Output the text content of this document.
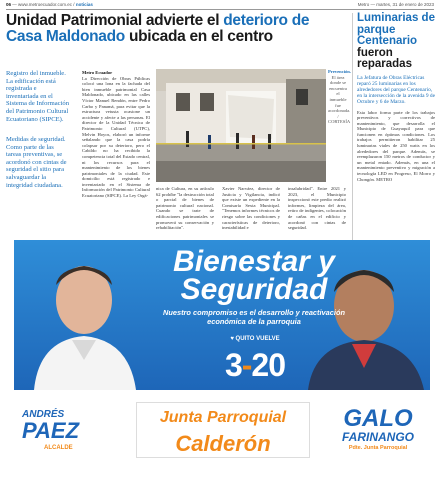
06 — www.metroecuador.com.ec / noticias	Metro — martes, 31 de enero de 2023
Unidad Patrimonial advierte el deterioro de Casa Maldonado ubicada en el centro
Registro del inmueble. La edificación está registrada e inventariada en el Sistema de Información del Patrimonio Cultural Ecuatoriano (SIPCE).
Medidas de seguridad. Como parte de las tareas preventivas, se acordonó con cintas de seguridad el sitio para salvaguardar la integridad ciudadana.
Metro Ecuador
La Dirección de Obras Públicas colocó una lona en la fachada del bien inmueble patrimonial Casa Maldonado, ubicado en las calles Víctor Manuel Rendón, entre Pedro Carbo y Panamá, para evitar que la estructura vetusta ocasione un accidente y afecte a las personas. El director de la Unidad Técnica de Patrimonio Cultural (UTPC), Melvin Hoyos, elaboró un informe señalando que la casa podría colapsar por su deterioro, pero el Cabildo no ha recibido la competencia total del Estado central, ni los recursos para el mantenimiento de los bienes patrimoniales de la ciudad. Este domicilio está registrado e inventariado en el Sistema de Información del Patrimonio Cultural Ecuatoriano (SIPCE). La Ley Orgá-
Prevención.
El área donde se encuentra el inmueble fue acordonada. / CORTESÍA
nica de Cultura, en su artículo 62 prohíbe "la destrucción total o parcial de bienes de patrimonio cultural nacional. Cuando se trate de edificaciones patrimoniales se promoverá su conservación y rehabilitación".
Xavier Narváez, director de Justicia y Vigilancia, indicó que existe un expediente en la Comisaría Sexta Municipal. "Tenemos informes técnicos de riesgo sobre las condiciones y características de deterioro, inestabilidad e
insalubridad". Entre 2021 y 2023, el Municipio inspeccionó este predio realizó informes, limpieza del área, retiro de indigentes, colocación de cañas en el edificio y acordonó con cintas de seguridad.
Luminarias de parque Centenario fueron reparadas
La Jefatura de Obras Eléctricas reparó 25 luminarias en los alrededores del parque Centenario, en la intersección de la avenida 9 de Octubre y 6 de Marzo.
Esta labor forma parte de los trabajos preventivos y correctivos de mantenimiento, que desarrolla el Municipio de Guayaquil para que funcionen en óptimas condiciones. Los trabajos permitieron habilitar 25 luminarias viales de 250 watts en los alrededores del parque. Además, se reemplazaron 150 metros de conductor y un metal entado. Además, en una el mantenimiento preventivo y migración a tecnología LED en Progreso, El Morro y Chongón. METRO
Bienestar y
Seguridad
Nuestro compromiso es el desarrollo y reactivación económica de la parroquia
♥ QUITO VUELVE
3-20
ANDRÉS
PAEZ
ALCALDE
Junta Parroquial
Calderón
GALO
FARINANGO
Pdte. Junta Parroquial
